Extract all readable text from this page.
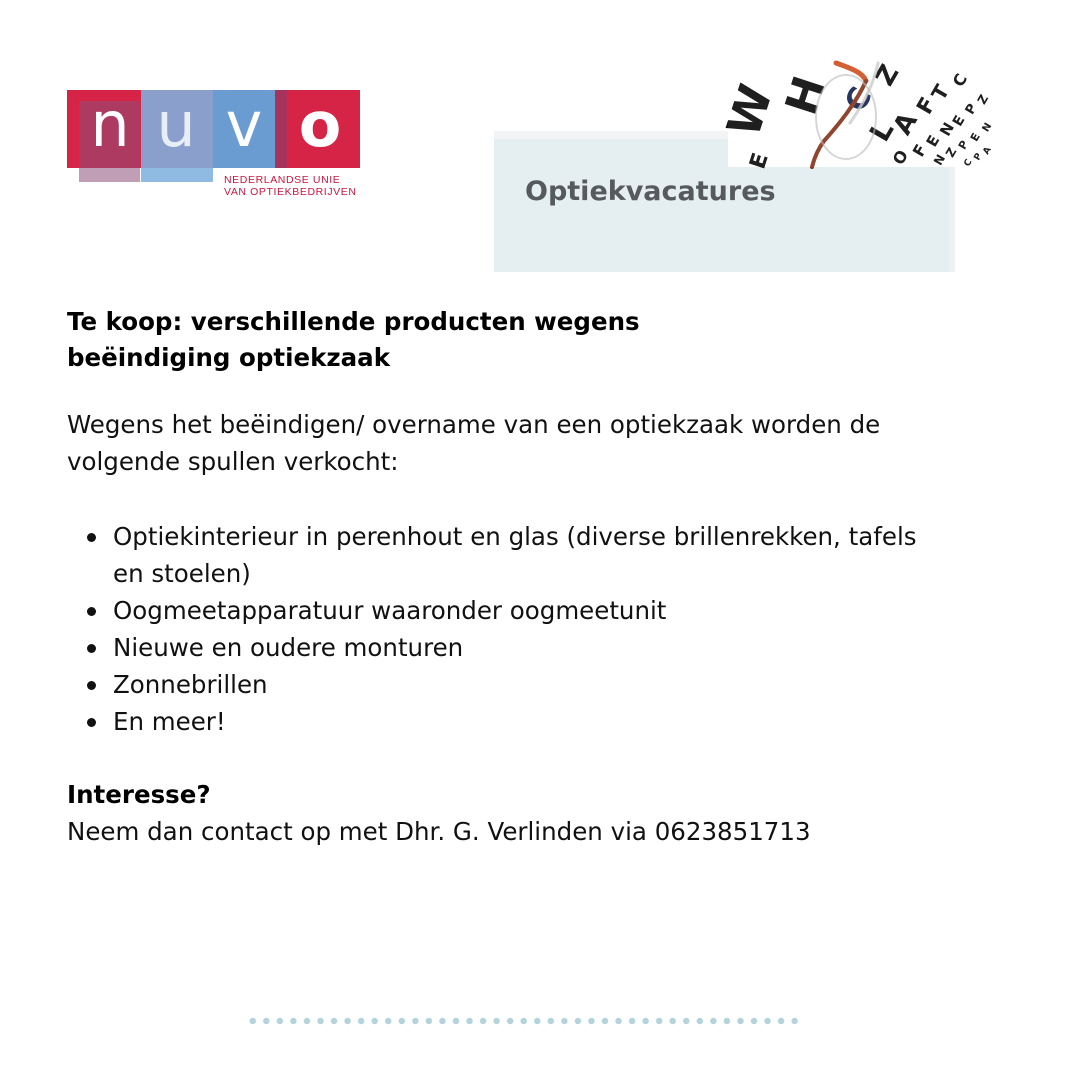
n u v o
NEDERLANDSE UNIE
VAN OPTIEKBEDRIJVEN	Optiekvacatures
W
H
E
C
Z
L
A
F
T
C
O
F
E
N
E
P
Z
N
Z
P
E
N
C
P
A
Te koop: verschillende producten wegens
beëindiging optiekzaak

Wegens het beëindigen/ overname van een optiekzaak worden de volgende spullen verkocht:

Optiekinterieur in perenhout en glas (diverse brillenrekken, tafels en stoelen)
Oogmeetapparatuur waaronder oogmeetunit
Nieuwe en oudere monturen
Zonnebrillen
En meer!

Interesse?

Neem dan contact op met Dhr. G. Verlinden via 0623851713
